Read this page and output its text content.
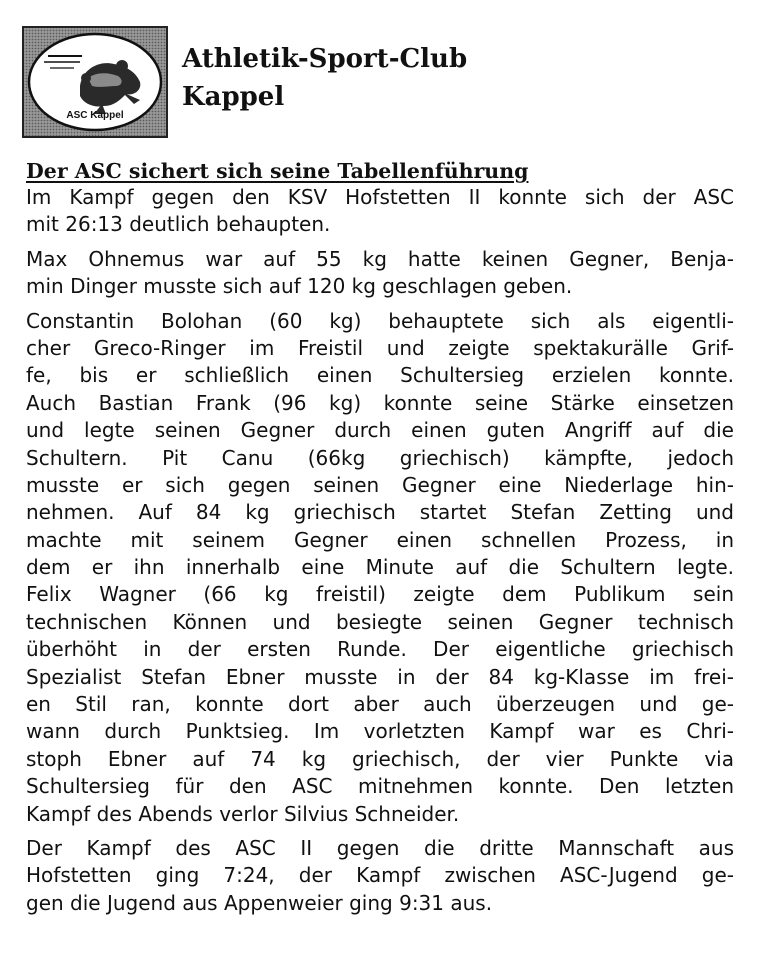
ASC Kappel
Athletik-Sport-Club
Kappel
Der ASC sichert sich seine Tabellenführung
Im Kampf gegen den KSV Hofstetten II konnte sich der ASC
mit 26:13 deutlich behaupten.
Max Ohnemus war auf 55 kg hatte keinen Gegner, Benja-
min Dinger musste sich auf 120 kg geschlagen geben.
Constantin Bolohan (60 kg) behauptete sich als eigentli-
cher Greco-Ringer im Freistil und zeigte spektakurälle Grif-
fe, bis er schließlich einen Schultersieg erzielen konnte.
Auch Bastian Frank (96 kg) konnte seine Stärke einsetzen
und legte seinen Gegner durch einen guten Angriff auf die
Schultern. Pit Canu (66kg griechisch) kämpfte, jedoch
musste er sich gegen seinen Gegner eine Niederlage hin-
nehmen. Auf 84 kg griechisch startet Stefan Zetting und
machte mit seinem Gegner einen schnellen Prozess, in
dem er ihn innerhalb eine Minute auf die Schultern legte.
Felix Wagner (66 kg freistil) zeigte dem Publikum sein
technischen Können und besiegte seinen Gegner technisch
überhöht in der ersten Runde. Der eigentliche griechisch
Spezialist Stefan Ebner musste in der 84 kg-Klasse im frei-
en Stil ran, konnte dort aber auch überzeugen und ge-
wann durch Punktsieg. Im vorletzten Kampf war es Chri-
stoph Ebner auf 74 kg griechisch, der vier Punkte via
Schultersieg für den ASC mitnehmen konnte. Den letzten
Kampf des Abends verlor Silvius Schneider.
Der Kampf des ASC II gegen die dritte Mannschaft aus
Hofstetten ging 7:24, der Kampf zwischen ASC-Jugend ge-
gen die Jugend aus Appenweier ging 9:31 aus.
